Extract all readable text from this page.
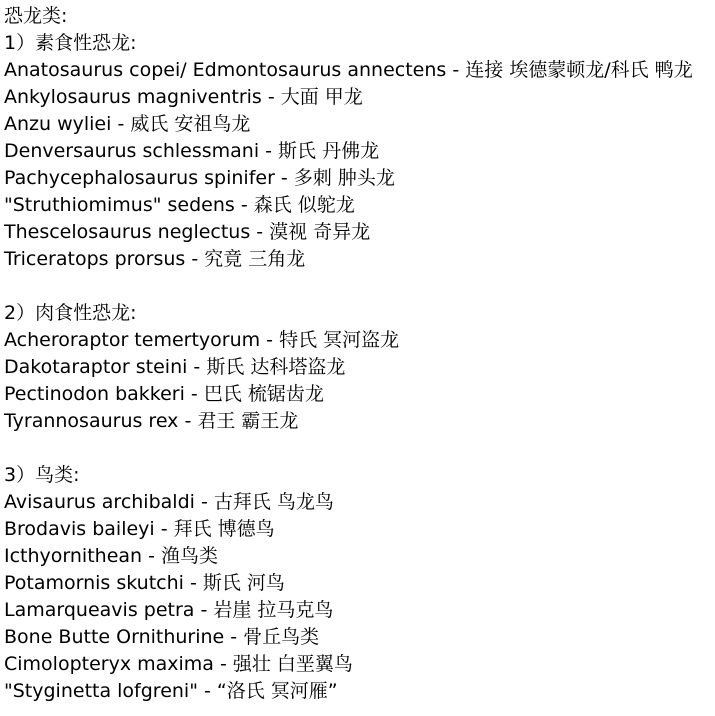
恐龙类:
1）素食性恐龙:
Anatosaurus copei/ Edmontosaurus annectens - 连接 埃德蒙顿龙/科氏 鸭龙
Ankylosaurus magniventris - 大面 甲龙
Anzu wyliei - 威氏 安祖鸟龙
Denversaurus schlessmani - 斯氏 丹佛龙
Pachycephalosaurus spinifer - 多刺 肿头龙
"Struthiomimus" sedens - 森氏 似鸵龙
Thescelosaurus neglectus - 漠视 奇异龙
Triceratops prorsus - 究竟 三角龙
2）肉食性恐龙:
Acheroraptor temertyorum - 特氏 冥河盗龙
Dakotaraptor steini - 斯氏 达科塔盗龙
Pectinodon bakkeri - 巴氏 梳锯齿龙
Tyrannosaurus rex - 君王 霸王龙
3）鸟类:
Avisaurus archibaldi - 古拜氏 鸟龙鸟
Brodavis baileyi - 拜氏 博德鸟
Icthyornithean - 渔鸟类
Potamornis skutchi - 斯氏 河鸟
Lamarqueavis petra - 岩崖 拉马克鸟
Bone Butte Ornithurine - 骨丘鸟类
Cimolopteryx maxima - 强壮 白垩翼鸟
"Styginetta lofgreni" - “洛氏 冥河雁”
